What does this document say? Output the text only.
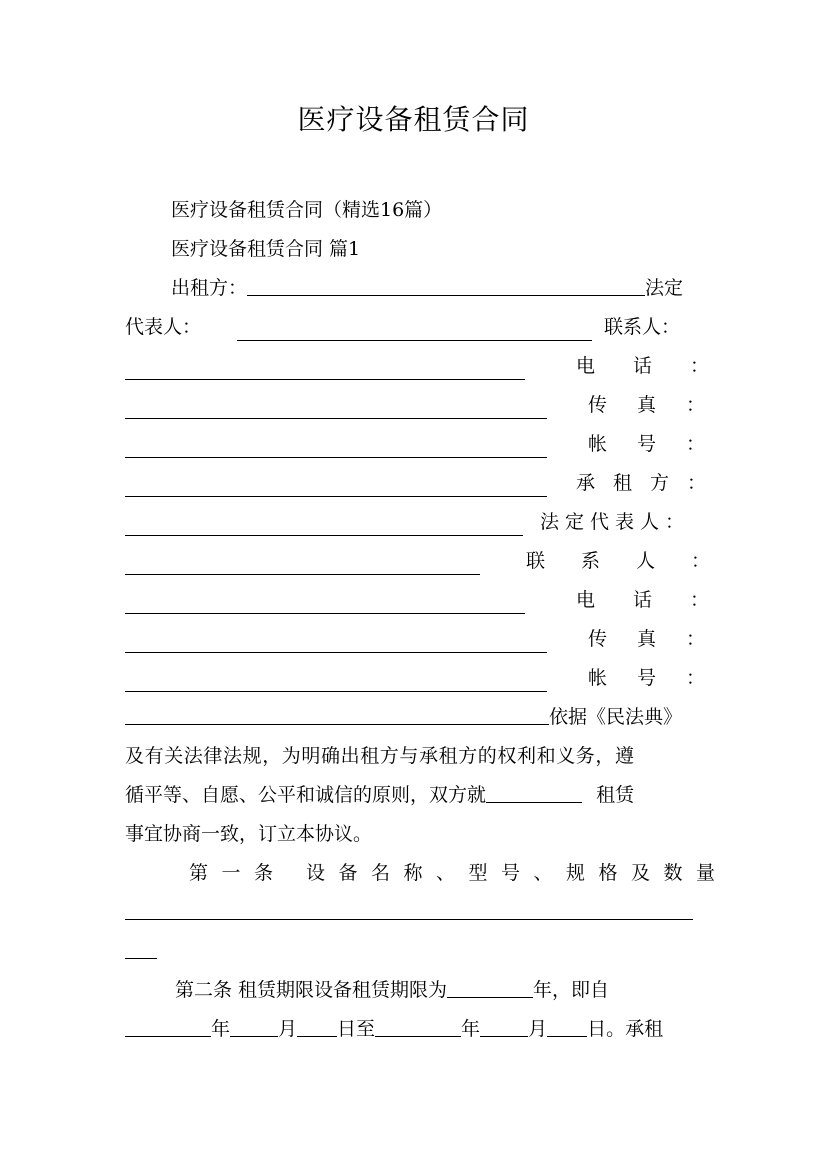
医疗设备租赁合同
医疗设备租赁合同（精选16篇）
医疗设备租赁合同 篇1
出租方：	法定
代表人：	联系人：
电话：
传真：
帐号：
承租方：
法定代表人：
联系人：
电话：
传真：
帐号：
依据《民法典》
及有关法律法规，为明确出租方与承租方的权利和义务，遵
循平等、自愿、公平和诚信的原则，双方就	租赁
事宜协商一致，订立本协议。
第一条 设备名称、型号、规格及数量
第二条 租赁期限设备租赁期限为	年，即自
年	月 日至	年	月 日。承租
